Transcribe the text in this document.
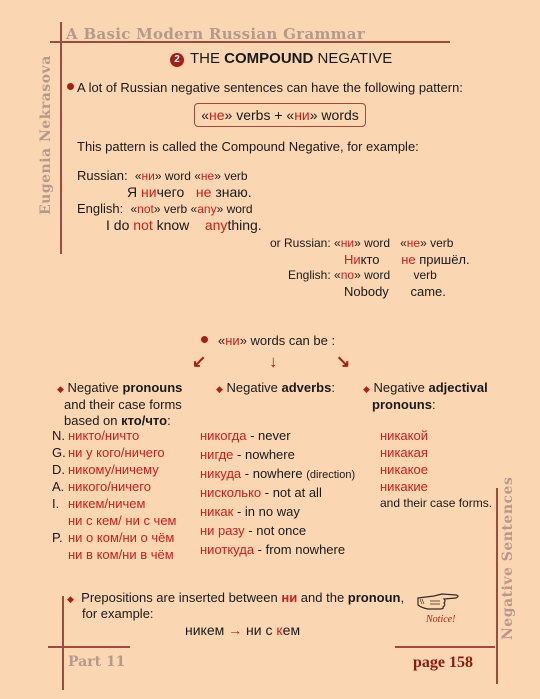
A Basic Modern Russian Grammar
Eugenia Nekrasova
Negative Sentences
2 THE COMPOUND NEGATIVE
A lot of Russian negative sentences can have the following pattern:
«не» verbs + «ни» words
This pattern is called the Compound Negative, for example:
Russian: «ни» word «не» verb
Я ничего не знаю.
English: «not» verb «any» word
I do not know    anything.
or Russian: «ни» word   «не» verb
Никто не пришёл.
English: «no» word       verb
Nobody came.
«ни» words can be :
↙	↓	↘
◆ Negative pronouns
and their case forms
based on кто/что:
N. никто/ничто
G. ни у кого/ничего
D. никому/ничему
A. никого/ничего
I. никем/ничем
ни с кем/ ни с чем
P. ни о ком/ни о чём
ни в ком/ни в чём
◆ Negative adverbs:
никогда - never
нигде - nowhere
никуда - nowhere (direction)
нисколько - not at all
никак - in no way
ни разу - not once
ниоткуда - from nowhere
◆ Negative adjectival
pronouns:
никакой
никакая
никакое
никакие
and their case forms.
◆ Prepositions are inserted between ни and the pronoun,
for example:
никем → ни с кем
Notice!
Part 11	page 158
